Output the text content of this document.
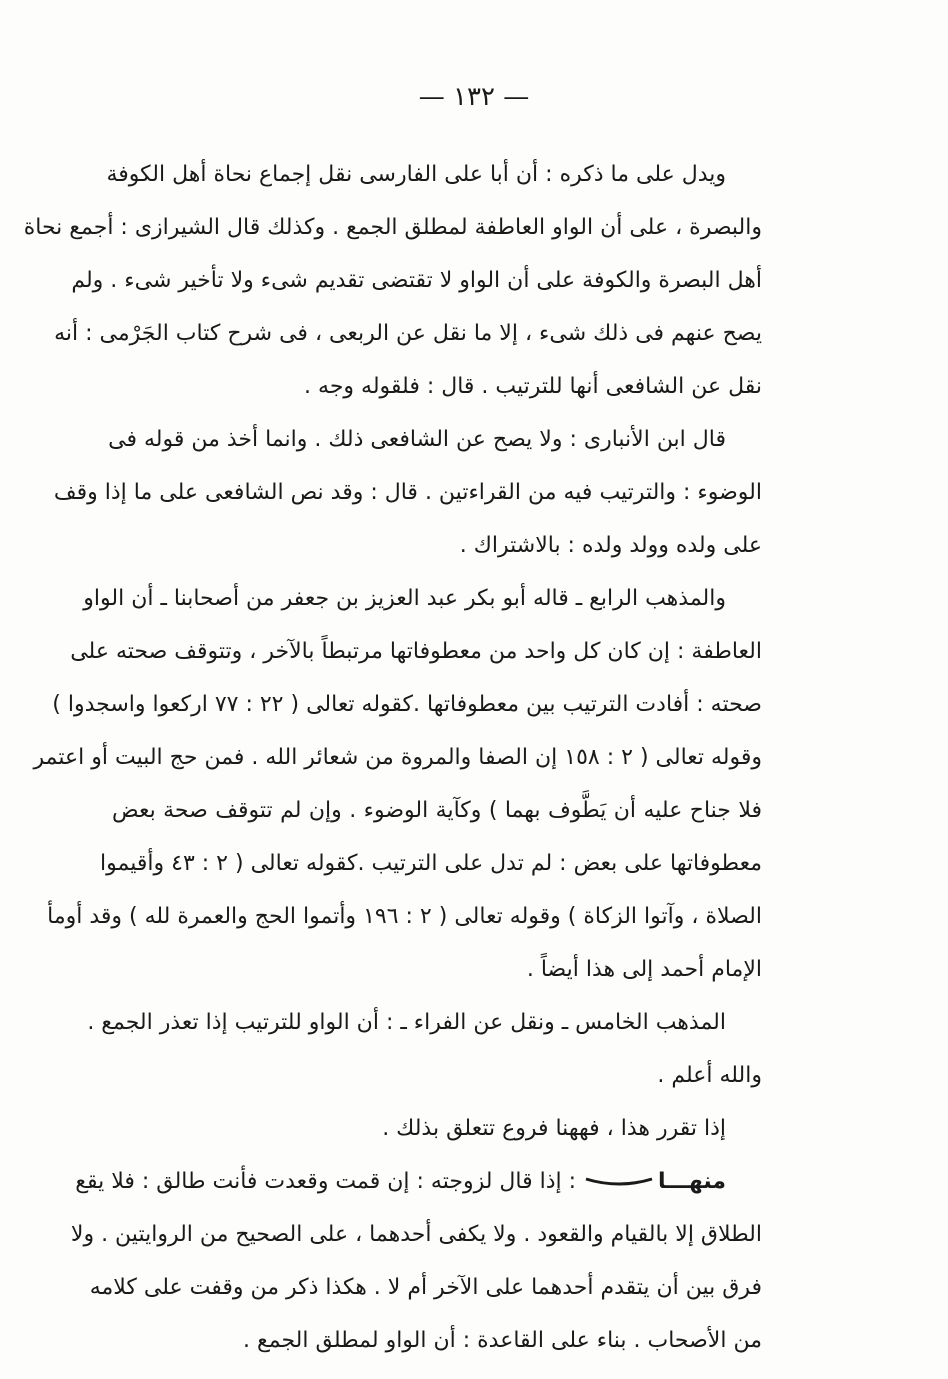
— ١٣٢ —
ويدل على ما ذكره : أن أبا على الفارسى نقل إجماع نحاة أهل الكوفة
والبصرة ، على أن الواو العاطفة لمطلق الجمع . وكذلك قال الشيرازى : أجمع نحاة
أهل البصرة والكوفة على أن الواو لا تقتضى تقديم شىء ولا تأخير شىء . ولم
يصح عنهم فى ذلك شىء ، إلا ما نقل عن الربعى ، فى شرح كتاب الجَرْمى : أنه
نقل عن الشافعى أنها للترتيب . قال : فلقوله وجه .
قال ابن الأنبارى : ولا يصح عن الشافعى ذلك . وانما أخذ من قوله فى
الوضوء : والترتيب فيه من القراءتين . قال : وقد نص الشافعى على ما إذا وقف
على ولده وولد ولده : بالاشتراك .
والمذهب الرابع ـ قاله أبو بكر عبد العزيز بن جعفر من أصحابنا ـ أن الواو
العاطفة : إن كان كل واحد من معطوفاتها مرتبطاً بالآخر ، وتتوقف صحته على
صحته : أفادت الترتيب بين معطوفاتها .كقوله تعالى ( ٢٢ : ٧٧ اركعوا واسجدوا )
وقوله تعالى ( ٢ : ١٥٨ إن الصفا والمروة من شعائر الله . فمن حج البيت أو اعتمر
فلا جناح عليه أن يَطَّوف بهما ) وكآية الوضوء . وإن لم تتوقف صحة بعض
معطوفاتها على بعض : لم تدل على الترتيب .كقوله تعالى ( ٢ : ٤٣ وأقيموا
الصلاة ، وآتوا الزكاة ) وقوله تعالى ( ٢ : ١٩٦ وأتموا الحج والعمرة لله ) وقد أومأ
الإمام أحمد إلى هذا أيضاً .
المذهب الخامس ـ ونقل عن الفراء ـ : أن الواو للترتيب إذا تعذر الجمع .
والله أعلم .
إذا تقرر هذا ، فههنا فروع تتعلق بذلك .
منهـــا: إذا قال لزوجته : إن قمت وقعدت فأنت طالق : فلا يقع
الطلاق إلا بالقيام والقعود . ولا يكفى أحدهما ، على الصحيح من الروايتين . ولا
فرق بين أن يتقدم أحدهما على الآخر أم لا . هكذا ذكر من وقفت على كلامه
من الأصحاب . بناء على القاعدة : أن الواو لمطلق الجمع .
